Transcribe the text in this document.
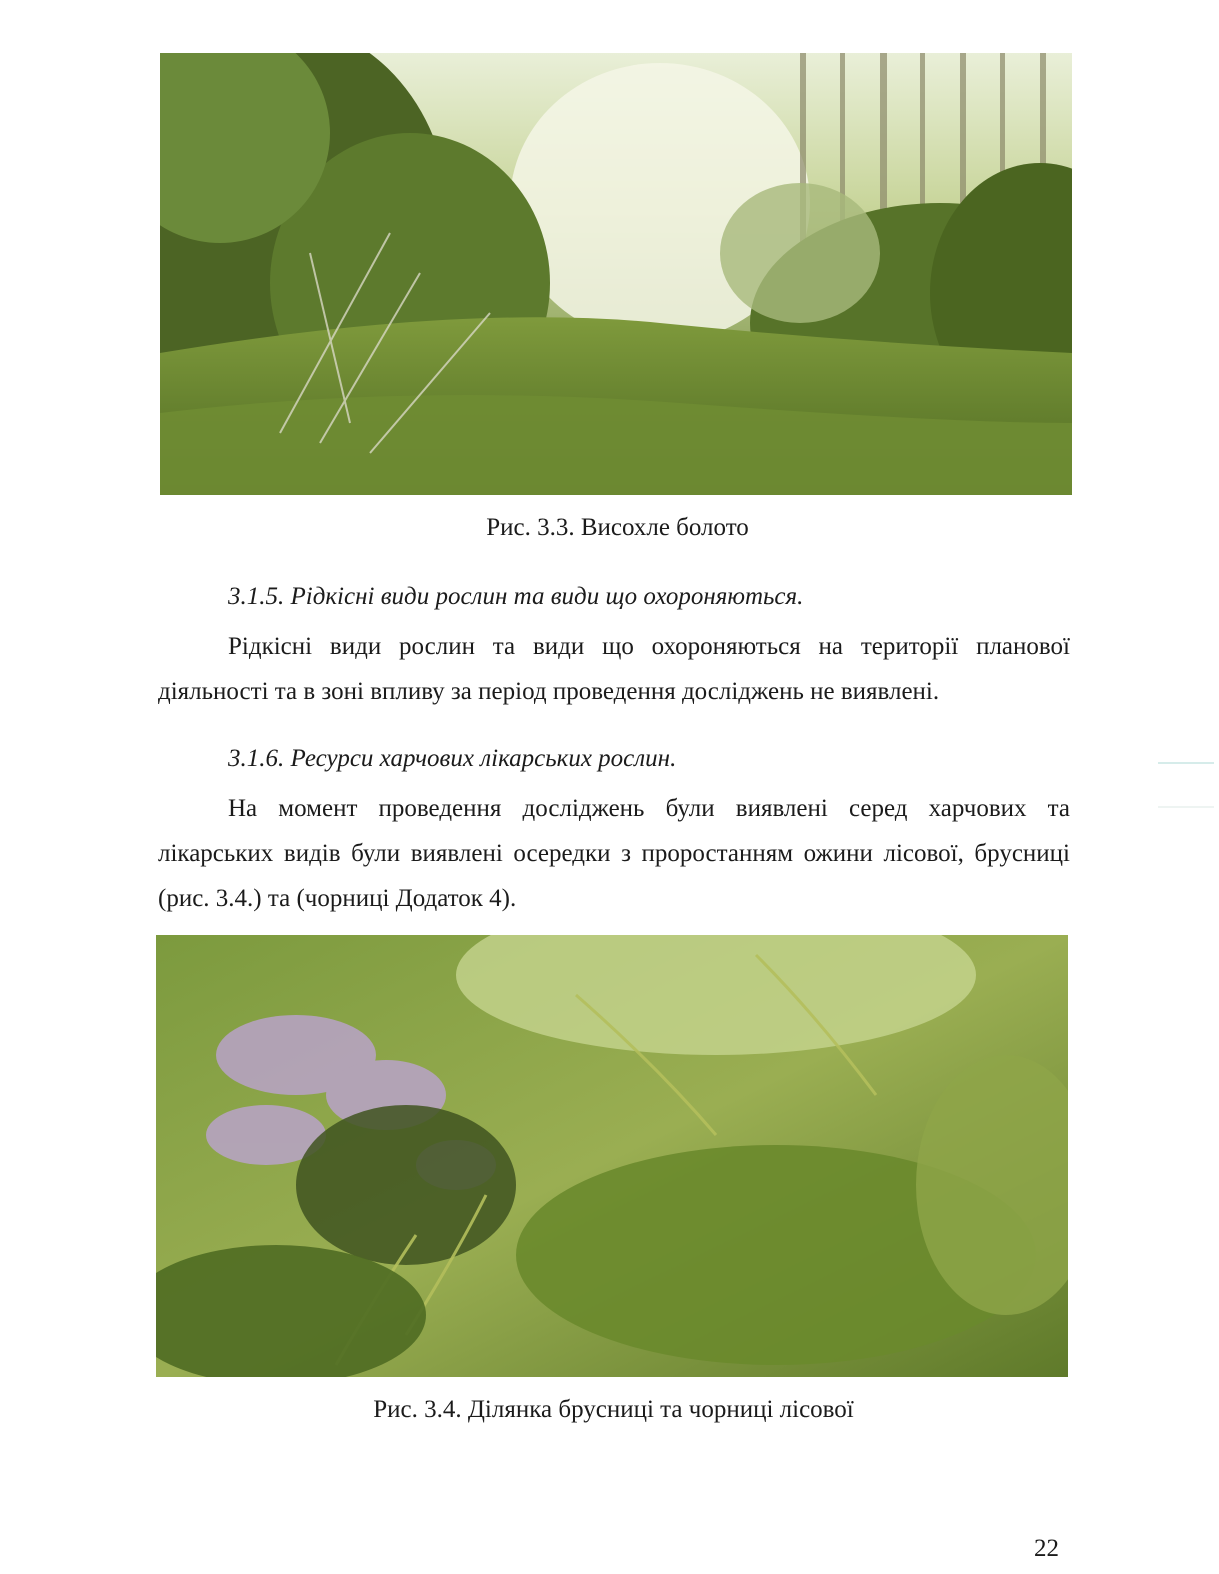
Рис. 3.3. Висохле болото
3.1.5. Рідкісні види рослин та види що охороняються.
Рідкісні види рослин та види що охороняються на території планової діяльності та в зоні впливу за період проведення досліджень не виявлені.
3.1.6. Ресурси харчових лікарських рослин.
На момент проведення досліджень були виявлені серед харчових та лікарських видів були виявлені осередки з проростанням ожини лісової, брусниці (рис. 3.4.) та (чорниці Додаток 4).
Рис. 3.4. Ділянка брусниці та чорниці лісової
22
